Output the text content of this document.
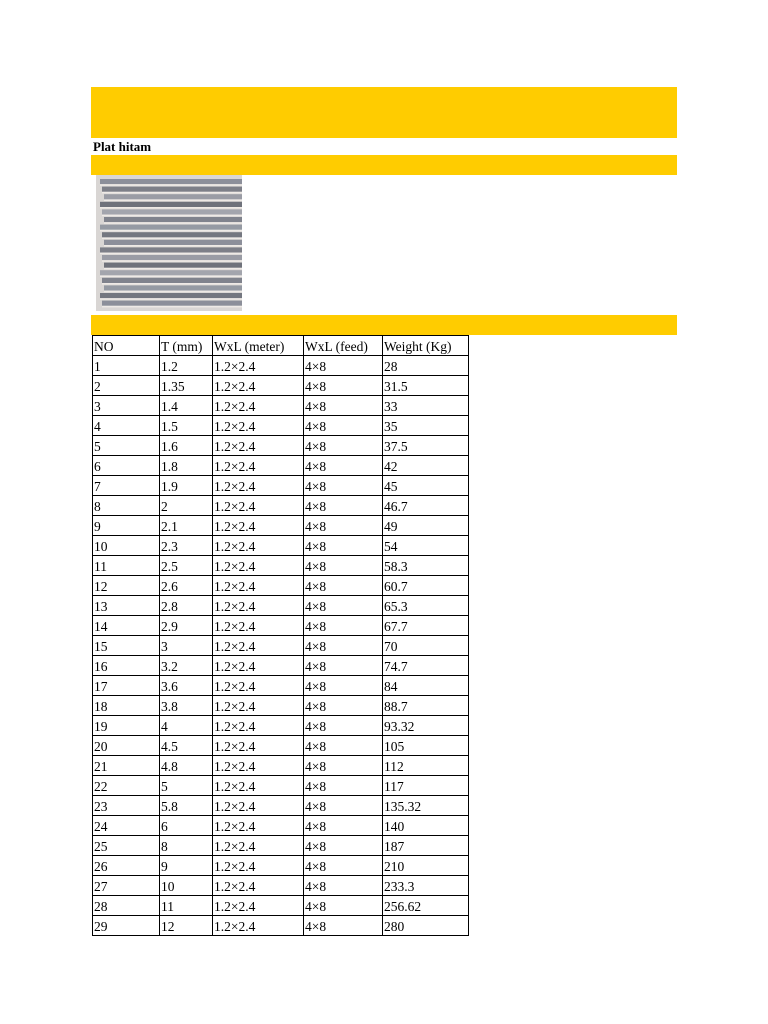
Plat hitam
NO	T (mm)	WxL (meter)	WxL (feed)	Weight (Kg)
1	1.2	1.2×2.4	4×8	28
2	1.35	1.2×2.4	4×8	31.5
3	1.4	1.2×2.4	4×8	33
4	1.5	1.2×2.4	4×8	35
5	1.6	1.2×2.4	4×8	37.5
6	1.8	1.2×2.4	4×8	42
7	1.9	1.2×2.4	4×8	45
8	2	1.2×2.4	4×8	46.7
9	2.1	1.2×2.4	4×8	49
10	2.3	1.2×2.4	4×8	54
11	2.5	1.2×2.4	4×8	58.3
12	2.6	1.2×2.4	4×8	60.7
13	2.8	1.2×2.4	4×8	65.3
14	2.9	1.2×2.4	4×8	67.7
15	3	1.2×2.4	4×8	70
16	3.2	1.2×2.4	4×8	74.7
17	3.6	1.2×2.4	4×8	84
18	3.8	1.2×2.4	4×8	88.7
19	4	1.2×2.4	4×8	93.32
20	4.5	1.2×2.4	4×8	105
21	4.8	1.2×2.4	4×8	112
22	5	1.2×2.4	4×8	117
23	5.8	1.2×2.4	4×8	135.32
24	6	1.2×2.4	4×8	140
25	8	1.2×2.4	4×8	187
26	9	1.2×2.4	4×8	210
27	10	1.2×2.4	4×8	233.3
28	11	1.2×2.4	4×8	256.62
29	12	1.2×2.4	4×8	280
